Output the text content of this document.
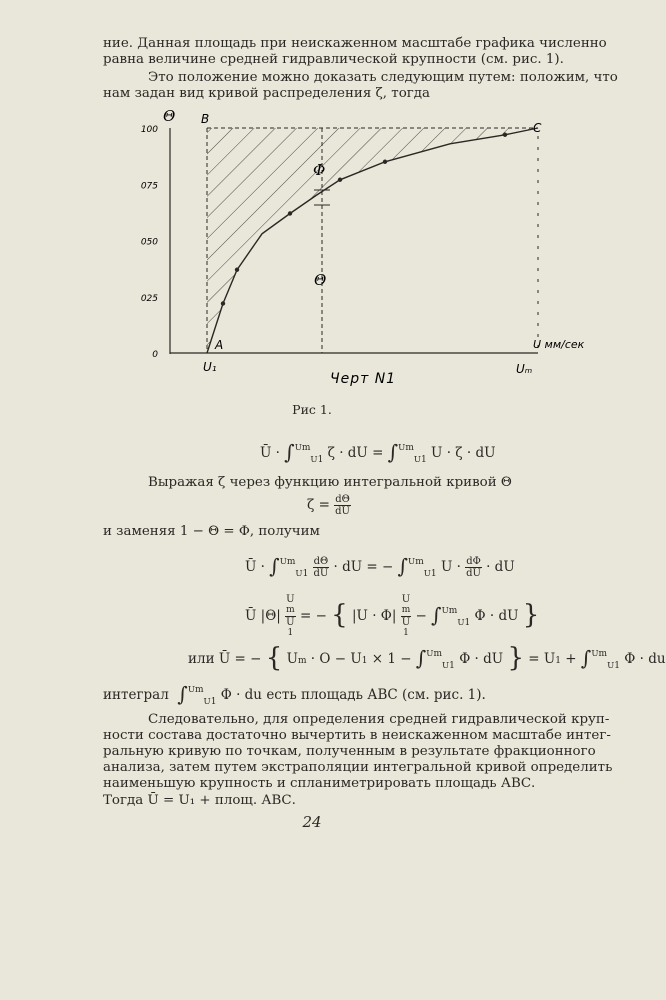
ние. Данная площадь при неискаженном масштабе графика численно
равна величине средней гидравлической крупности (см. рис. 1).
Это положение можно доказать следующим путем: положим, что
нам задан вид кривой распределения ζ, тогда
0
025
050
075
100
Θ B
C
A
Φ
Θ
U₁	Uₘ
U мм/сек
Черт N1
Рис 1.
Ū · ∫$^{Um}_{U1}$ ζ · dU = ∫$^{Um}_{U1}$ U · ζ · dU
Выражая ζ через функцию интегральной кривой Θ
$\zeta = \frac{d\Theta}{dU}$
и заменяя 1 − Θ = Φ, получим
Ū · $\int^{Um}_{U1} \frac{d\Theta}{dU}$ · dU = − ∫$^{Um}_{U1}$ $U \cdot \frac{d\Phi}{dU}$ · dU
Ū |Θ| U
m
U
1 = − { |U · Φ| U
m
U
1 − ∫$^{Um}_{U1}$ Φ · dU }
или Ū = − { Um · O − U1 × 1 − ∫$^{Um}_{U1}$ Φ · dU } = U1 + ∫$^{Um}_{U1}$ Φ · du
интеграл ∫$^{Um}_{U1}$ Φ · du есть площадь АВС (см. рис. 1).
Следовательно, для определения средней гидравлической круп-
ности состава достаточно вычертить в неискаженном масштабе интег-
ральную кривую по точкам, полученным в результате фракционного
анализа, затем путем экстраполяции интегральной кривой определить
наименьшую крупность и спланиметрировать площадь АВС.
Тогда Ū = U₁ + площ. АВС.
24
